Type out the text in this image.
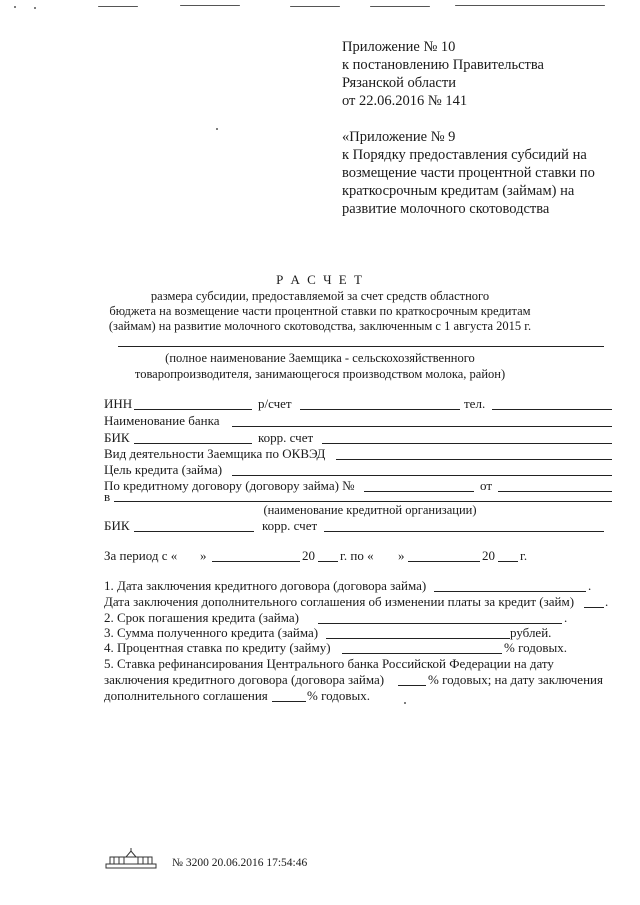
Приложение № 10
к постановлению Правительства
Рязанской области
от 22.06.2016 № 141
«Приложение № 9
к Порядку предоставления субсидий на
возмещение части процентной ставки по
краткосрочным кредитам (займам) на
развитие молочного скотоводства
Р А С Ч Е Т
размера субсидии, предоставляемой за счет средств областного
бюджета на возмещение части процентной ставки по краткосрочным кредитам
(займам) на развитие молочного скотоводства, заключенным с 1 августа 2015 г.
(полное наименование Заемщика - сельскохозяйственного
товаропроизводителя, занимающегося производством молока, район)
ИНН	р/счет	тел.
Наименование банка
БИК	корр. счет
Вид деятельности Заемщика по ОКВЭД
Цель кредита (займа)
По кредитному договору (договору займа) №	от
в
(наименование кредитной организации)
БИК	корр. счет
За период с « »	20 г. по « »	20 г.
1. Дата заключения кредитного договора (договора займа)	.
Дата заключения дополнительного соглашения об изменении платы за кредит (займ) .
2. Срок погашения кредита (займа)	.
3. Сумма полученного кредита (займа)	рублей.
4. Процентная ставка по кредиту (займу)	% годовых.
5. Ставка рефинансирования Центрального банка Российской Федерации на дату
заключения кредитного договора (договора займа)	% годовых; на дату заключения
дополнительного соглашения	% годовых.
№ 3200 20.06.2016 17:54:46
